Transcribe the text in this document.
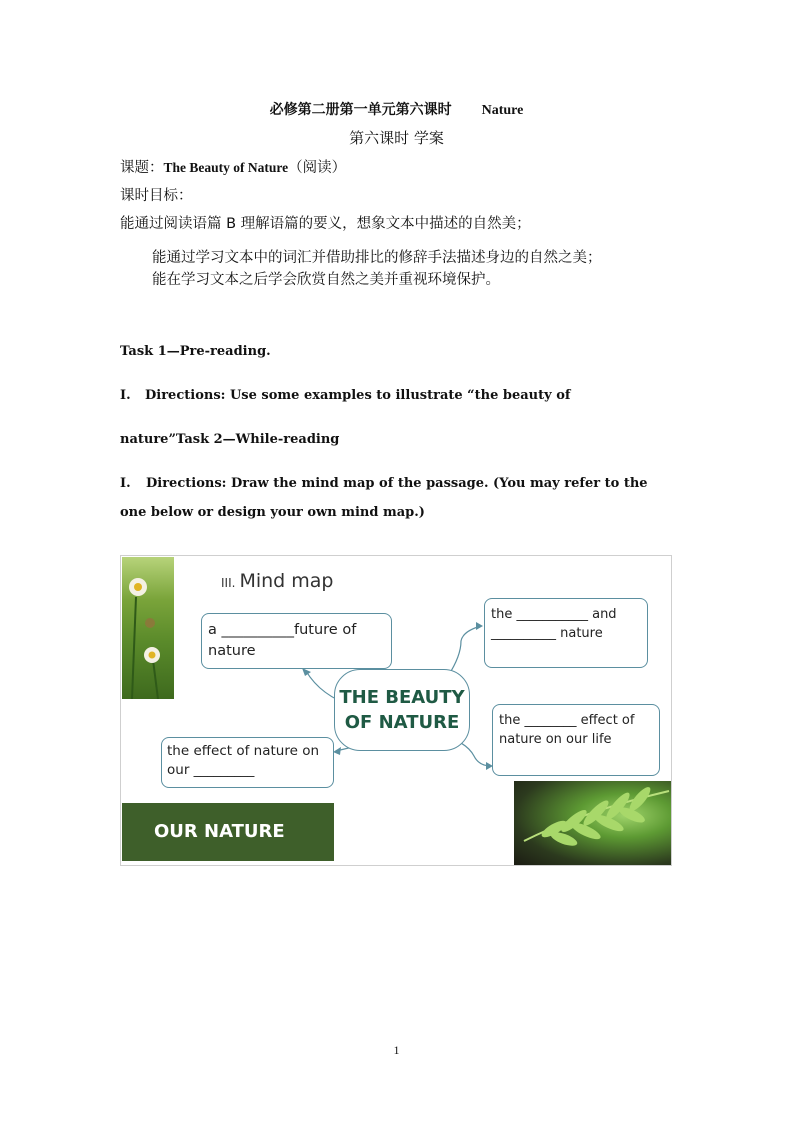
必修第二册第一单元第六课时 Nature
第六课时 学案
课题：The Beauty of Nature（阅读）
课时目标：
能通过阅读语篇 B 理解语篇的要义，想象文本中描述的自然美；
能通过学习文本中的词汇并借助排比的修辞手法描述身边的自然之美；
能在学习文本之后学会欣赏自然之美并重视环境保护。
Task 1—Pre-reading.
I. Directions: Use some examples to illustrate “the beauty of
nature”Task 2—While-reading
I. Directions: Draw the mind map of the passage. (You may refer to the
one below or design your own mind map.)
III. Mind map
a __________future of nature
the ___________ and __________ nature
the ________ effect of nature on our life
the effect of nature on our _________
THE BEAUTY
OF NATURE
OUR NATURE
1
